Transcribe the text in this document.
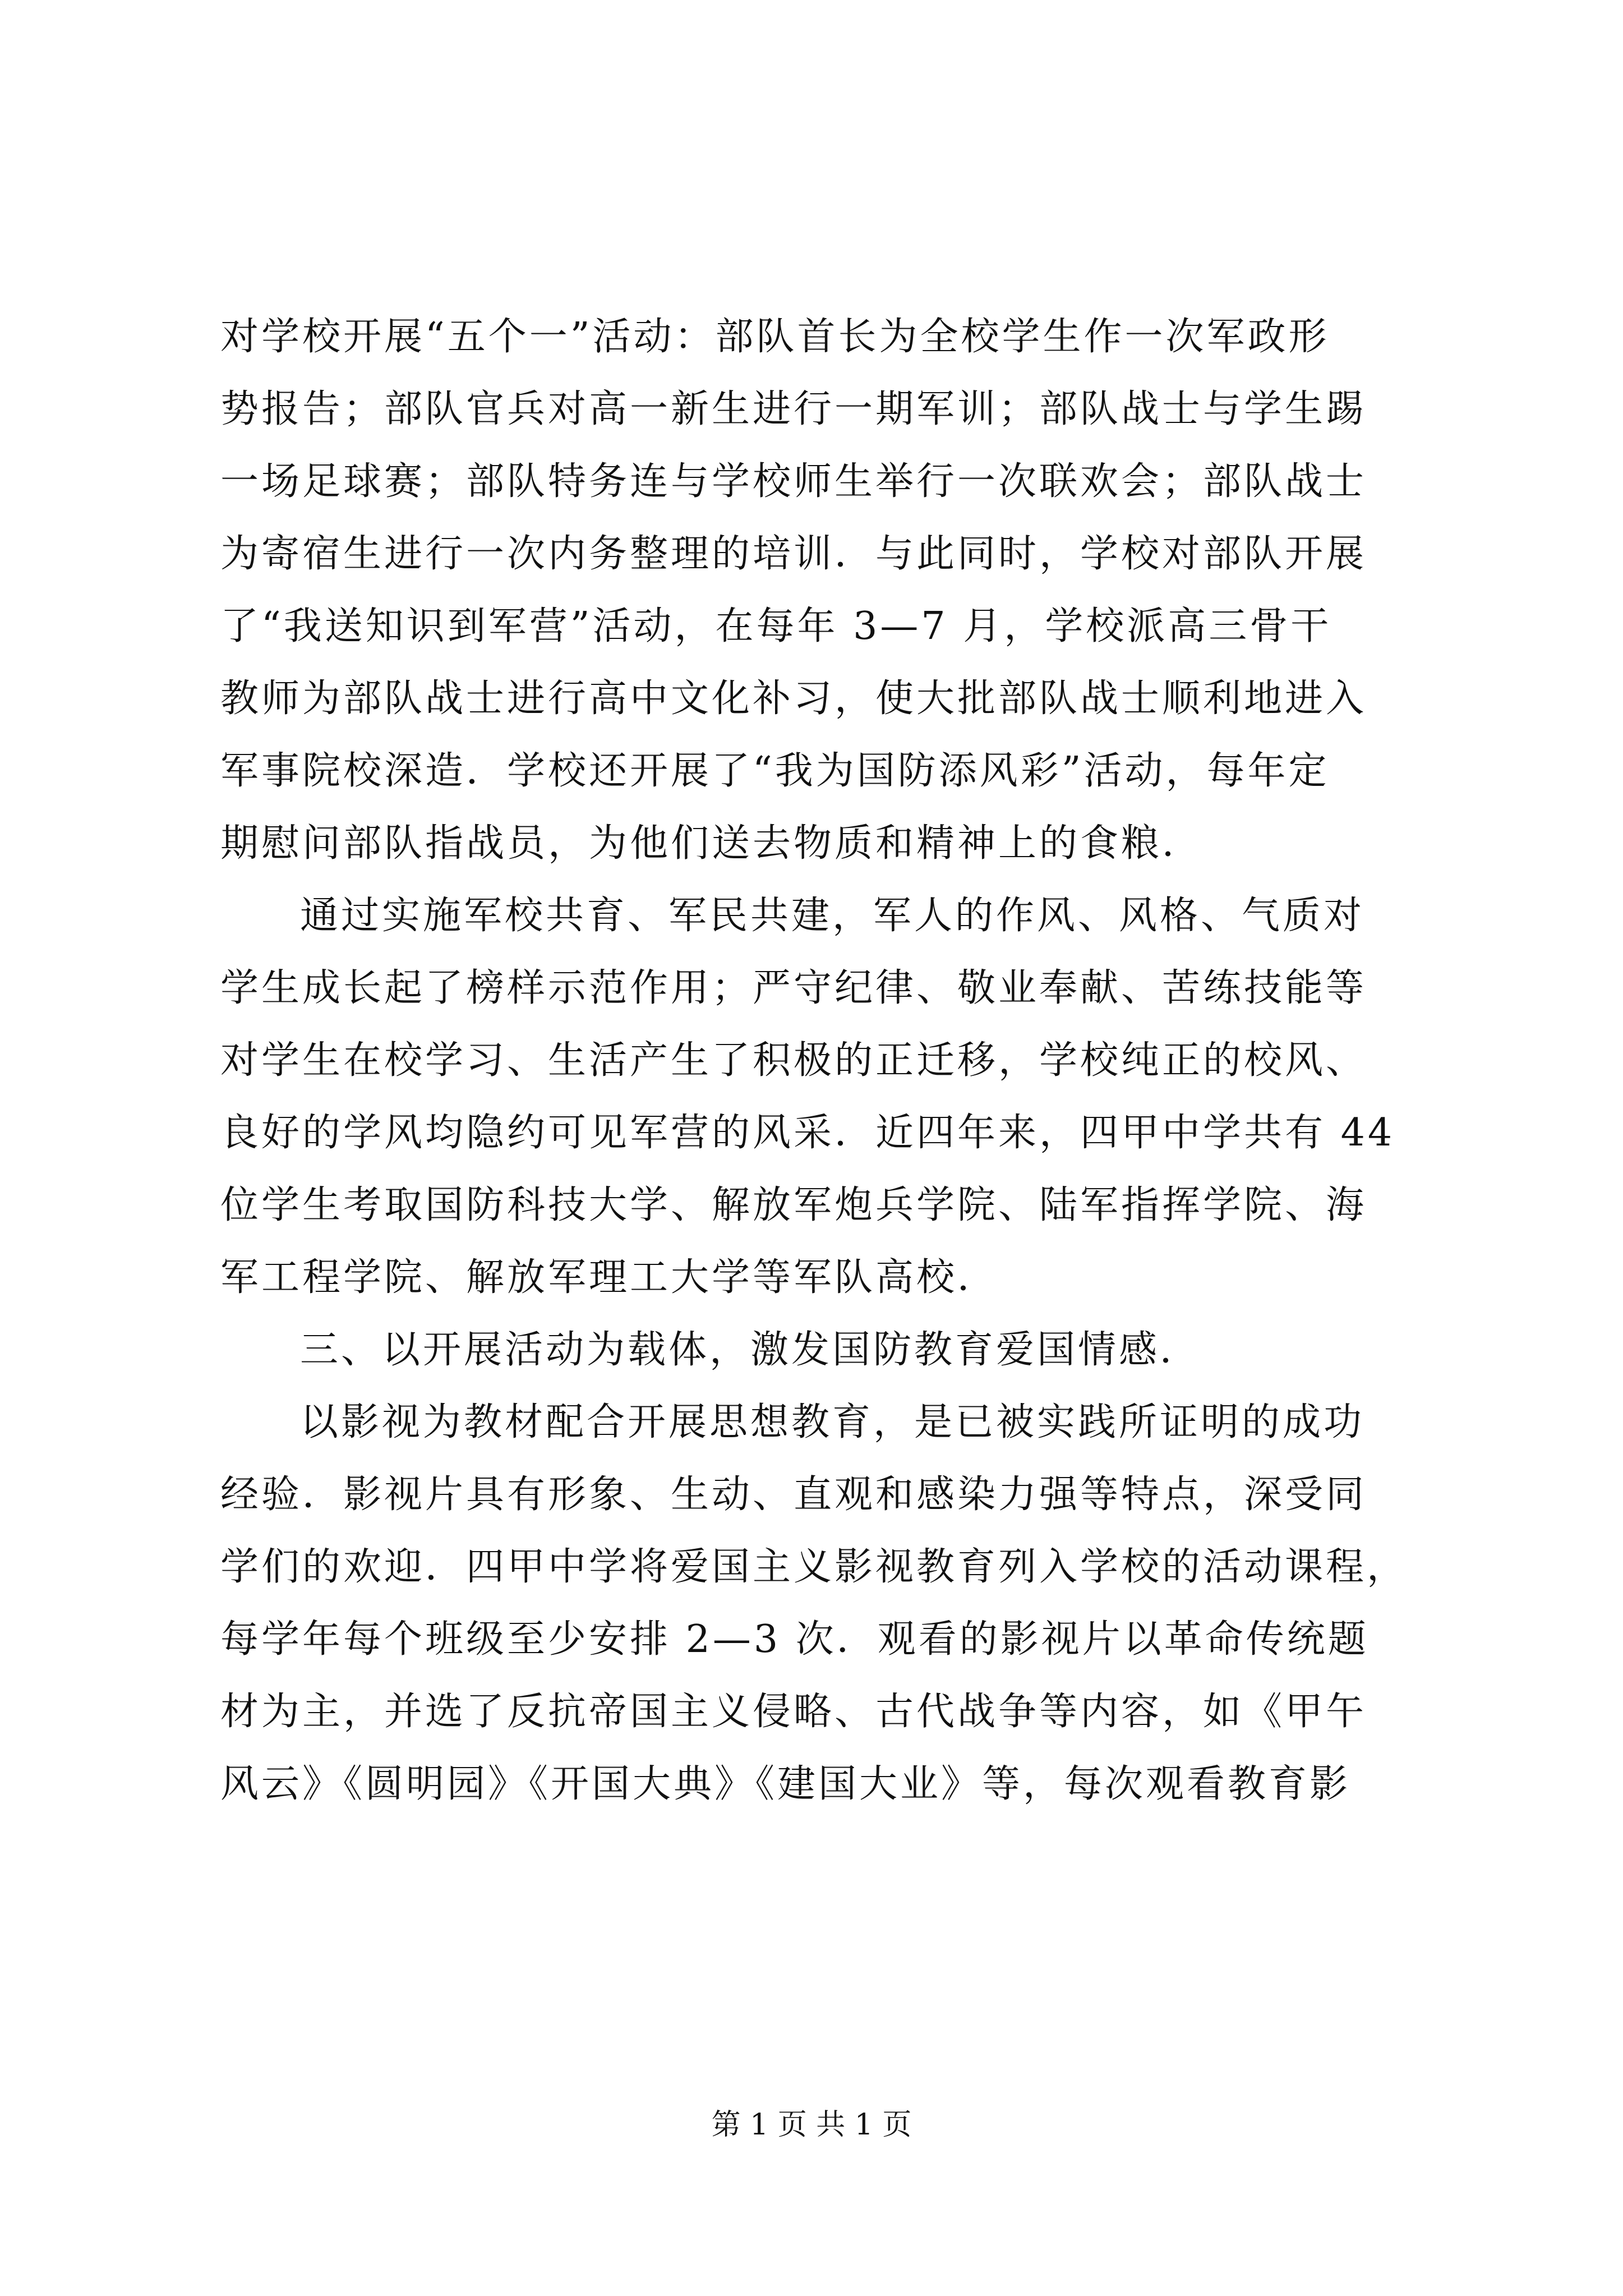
对学校开展“五个一”活动：部队首长为全校学生作一次军政形
势报告；部队官兵对高一新生进行一期军训；部队战士与学生踢
一场足球赛；部队特务连与学校师生举行一次联欢会；部队战士
为寄宿生进行一次内务整理的培训．与此同时，学校对部队开展
了“我送知识到军营”活动，在每年 3—7 月，学校派高三骨干
教师为部队战士进行高中文化补习，使大批部队战士顺利地进入
军事院校深造．学校还开展了“我为国防添风彩”活动，每年定
期慰问部队指战员，为他们送去物质和精神上的食粮．
通过实施军校共育、军民共建，军人的作风、风格、气质对
学生成长起了榜样示范作用；严守纪律、敬业奉献、苦练技能等
对学生在校学习、生活产生了积极的正迁移，学校纯正的校风、
良好的学风均隐约可见军营的风采．近四年来，四甲中学共有 44
位学生考取国防科技大学、解放军炮兵学院、陆军指挥学院、海
军工程学院、解放军理工大学等军队高校．
三、以开展活动为载体，激发国防教育爱国情感．
以影视为教材配合开展思想教育，是已被实践所证明的成功
经验．影视片具有形象、生动、直观和感染力强等特点，深受同
学们的欢迎．四甲中学将爱国主义影视教育列入学校的活动课程，
每学年每个班级至少安排 2—3 次．观看的影视片以革命传统题
材为主，并选了反抗帝国主义侵略、古代战争等内容，如《甲午
风云》《圆明园》《开国大典》《建国大业》等，每次观看教育影
第 1 页 共 1 页
